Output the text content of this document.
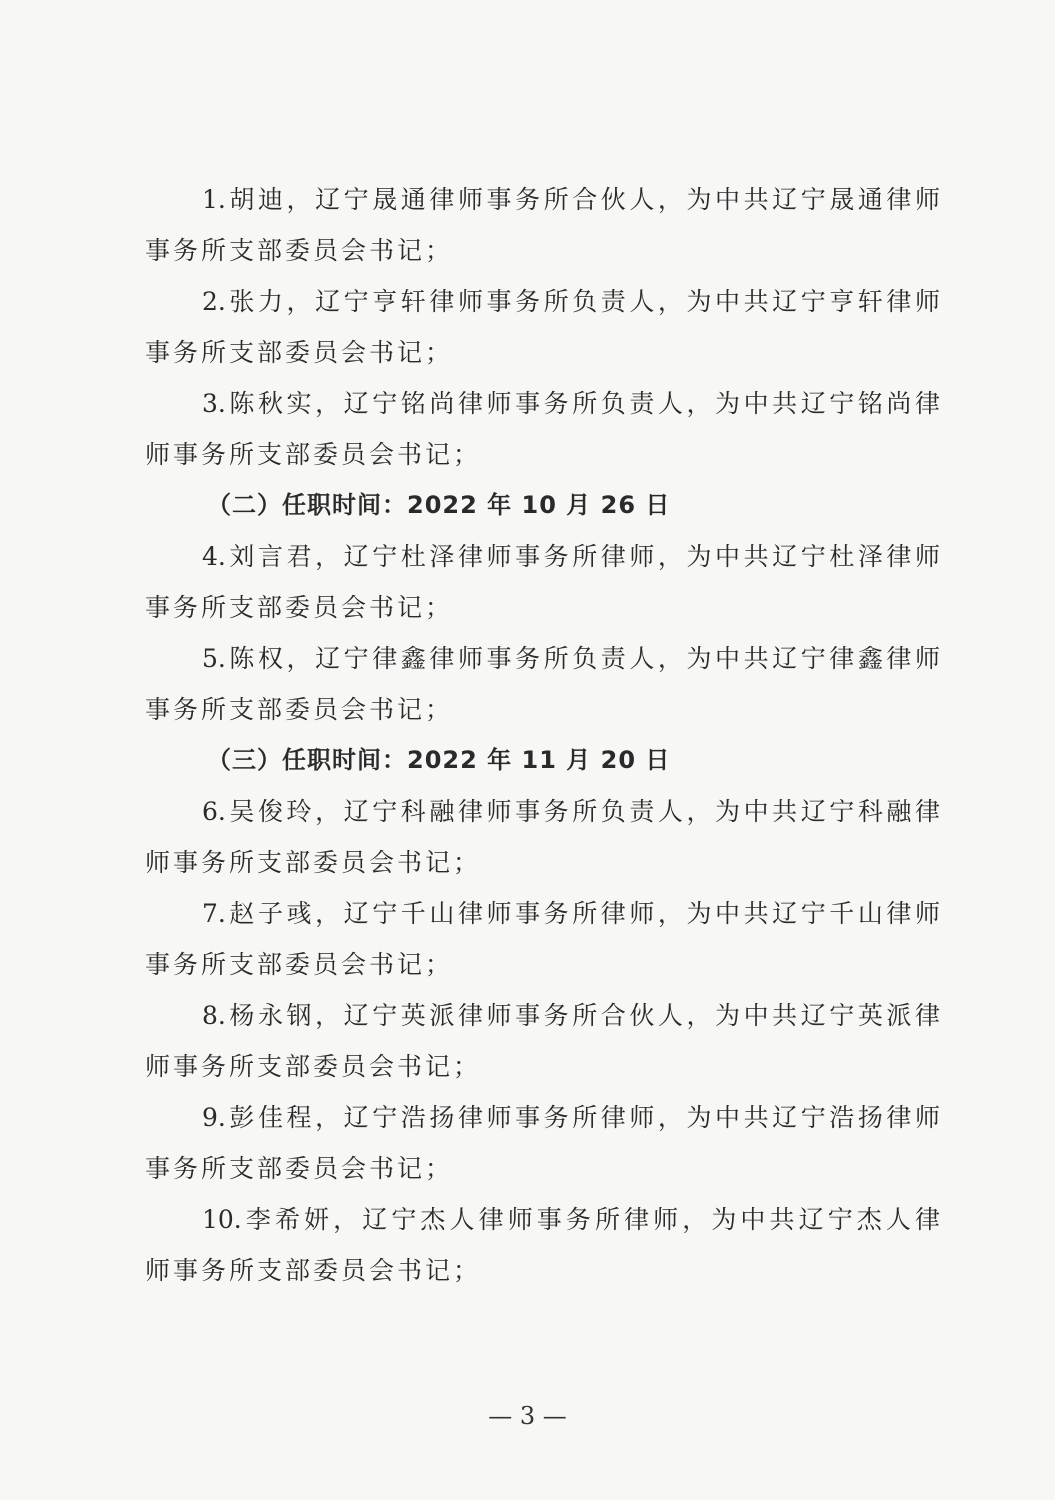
1.胡迪，辽宁晟通律师事务所合伙人，为中共辽宁晟通律师
事务所支部委员会书记；
2.张力，辽宁亨轩律师事务所负责人，为中共辽宁亨轩律师
事务所支部委员会书记；
3.陈秋实，辽宁铭尚律师事务所负责人，为中共辽宁铭尚律
师事务所支部委员会书记；
（二）任职时间：2022 年 10 月 26 日
4.刘言君，辽宁杜泽律师事务所律师，为中共辽宁杜泽律师
事务所支部委员会书记；
5.陈权，辽宁律鑫律师事务所负责人，为中共辽宁律鑫律师
事务所支部委员会书记；
（三）任职时间：2022 年 11 月 20 日
6.吴俊玲，辽宁科融律师事务所负责人，为中共辽宁科融律
师事务所支部委员会书记；
7.赵子彧，辽宁千山律师事务所律师，为中共辽宁千山律师
事务所支部委员会书记；
8.杨永钢，辽宁英派律师事务所合伙人，为中共辽宁英派律
师事务所支部委员会书记；
9.彭佳程，辽宁浩扬律师事务所律师，为中共辽宁浩扬律师
事务所支部委员会书记；
10.李希妍，辽宁杰人律师事务所律师，为中共辽宁杰人律
师事务所支部委员会书记；
— 3 —
